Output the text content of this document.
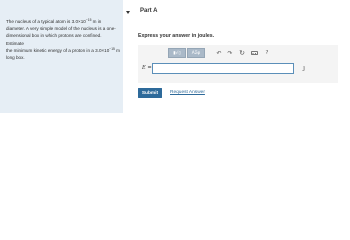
The nucleus of a typical atom is $3.0\times 10^{-15}$ m in
diameter. A very simple model of the nucleus is a one-
dimensional box in which protons are confined. Estimate
the minimum kinetic energy of a proton in a $3.0\times 10^{-15}$ m
long box.
Part A
Express your answer in joules.
▮√▯	ΑΣφ	↶ ↷ ↻	?
E =	J
Submit	Request Answer
